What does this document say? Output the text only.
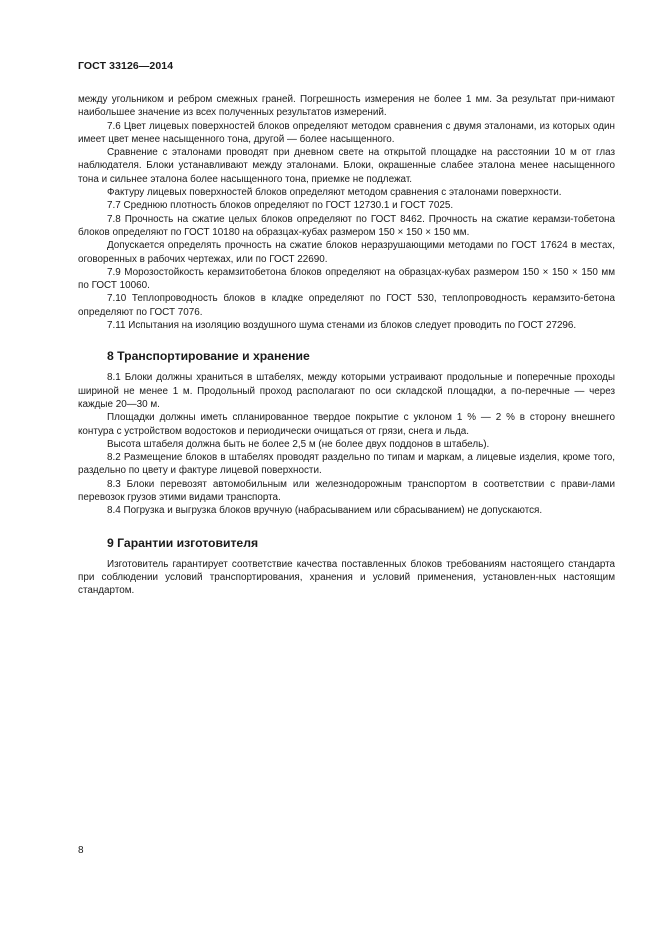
ГОСТ 33126—2014

между угольником и ребром смежных граней. Погрешность измерения не более 1 мм. За результат при-нимают наибольшее значение из всех полученных результатов измерений.

7.6 Цвет лицевых поверхностей блоков определяют методом сравнения с двумя эталонами, из которых один имеет цвет менее насыщенного тона, другой — более насыщенного.

Сравнение с эталонами проводят при дневном свете на открытой площадке на расстоянии 10 м от глаз наблюдателя. Блоки устанавливают между эталонами. Блоки, окрашенные слабее эталона менее насыщенного тона и сильнее эталона более насыщенного тона, приемке не подлежат.

Фактуру лицевых поверхностей блоков определяют методом сравнения с эталонами поверхности.

7.7 Среднюю плотность блоков определяют по ГОСТ 12730.1 и ГОСТ 7025.

7.8 Прочность на сжатие целых блоков определяют по ГОСТ 8462. Прочность на сжатие керамзи-тобетона блоков определяют по ГОСТ 10180 на образцах-кубах размером 150 × 150 × 150 мм.

Допускается определять прочность на сжатие блоков неразрушающими методами по ГОСТ 17624 в местах, оговоренных в рабочих чертежах, или по ГОСТ 22690.

7.9 Морозостойкость керамзитобетона блоков определяют на образцах-кубах размером 150 × 150 × 150 мм по ГОСТ 10060.

7.10 Теплопроводность блоков в кладке определяют по ГОСТ 530, теплопроводность керамзито-бетона определяют по ГОСТ 7076.

7.11 Испытания на изоляцию воздушного шума стенами из блоков следует проводить по ГОСТ 27296.

8 Транспортирование и хранение

8.1 Блоки должны храниться в штабелях, между которыми устраивают продольные и поперечные проходы шириной не менее 1 м. Продольный проход располагают по оси складской площадки, а по-перечные — через каждые 20—30 м.

Площадки должны иметь спланированное твердое покрытие с уклоном 1 % — 2 % в сторону внешнего контура с устройством водостоков и периодически очищаться от грязи, снега и льда.

Высота штабеля должна быть не более 2,5 м (не более двух поддонов в штабель).

8.2 Размещение блоков в штабелях проводят раздельно по типам и маркам, а лицевые изделия, кроме того, раздельно по цвету и фактуре лицевой поверхности.

8.3 Блоки перевозят автомобильным или железнодорожным транспортом в соответствии с прави-лами перевозок грузов этими видами транспорта.

8.4 Погрузка и выгрузка блоков вручную (набрасыванием или сбрасыванием) не допускаются.

9 Гарантии изготовителя

Изготовитель гарантирует соответствие качества поставленных блоков требованиям настоящего стандарта при соблюдении условий транспортирования, хранения и условий применения, установлен-ных настоящим стандартом.

8
